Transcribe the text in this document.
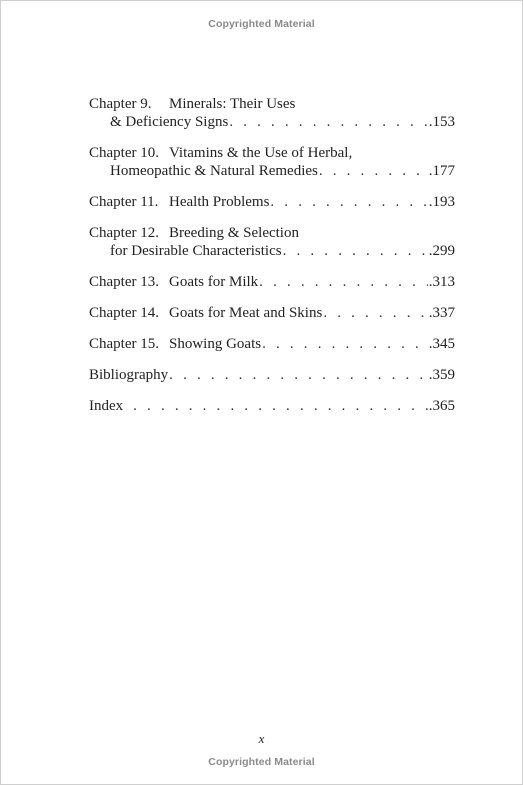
Copyrighted Material
Chapter 9.	Minerals: Their Uses
& Deficiency Signs . . .	.153
Chapter 10. Vitamins & the Use of Herbal,
Homeopathic & Natural Remedies . . .	.177
Chapter 11. Health Problems . . .	.193
Chapter 12. Breeding & Selection
for Desirable Characteristics . . .	.299
Chapter 13. Goats for Milk . . .	.313
Chapter 14. Goats for Meat and Skins . . .	.337
Chapter 15. Showing Goats . . .	.345
Bibliography . . .	.359
Index . . .	.365
x
Copyrighted Material
